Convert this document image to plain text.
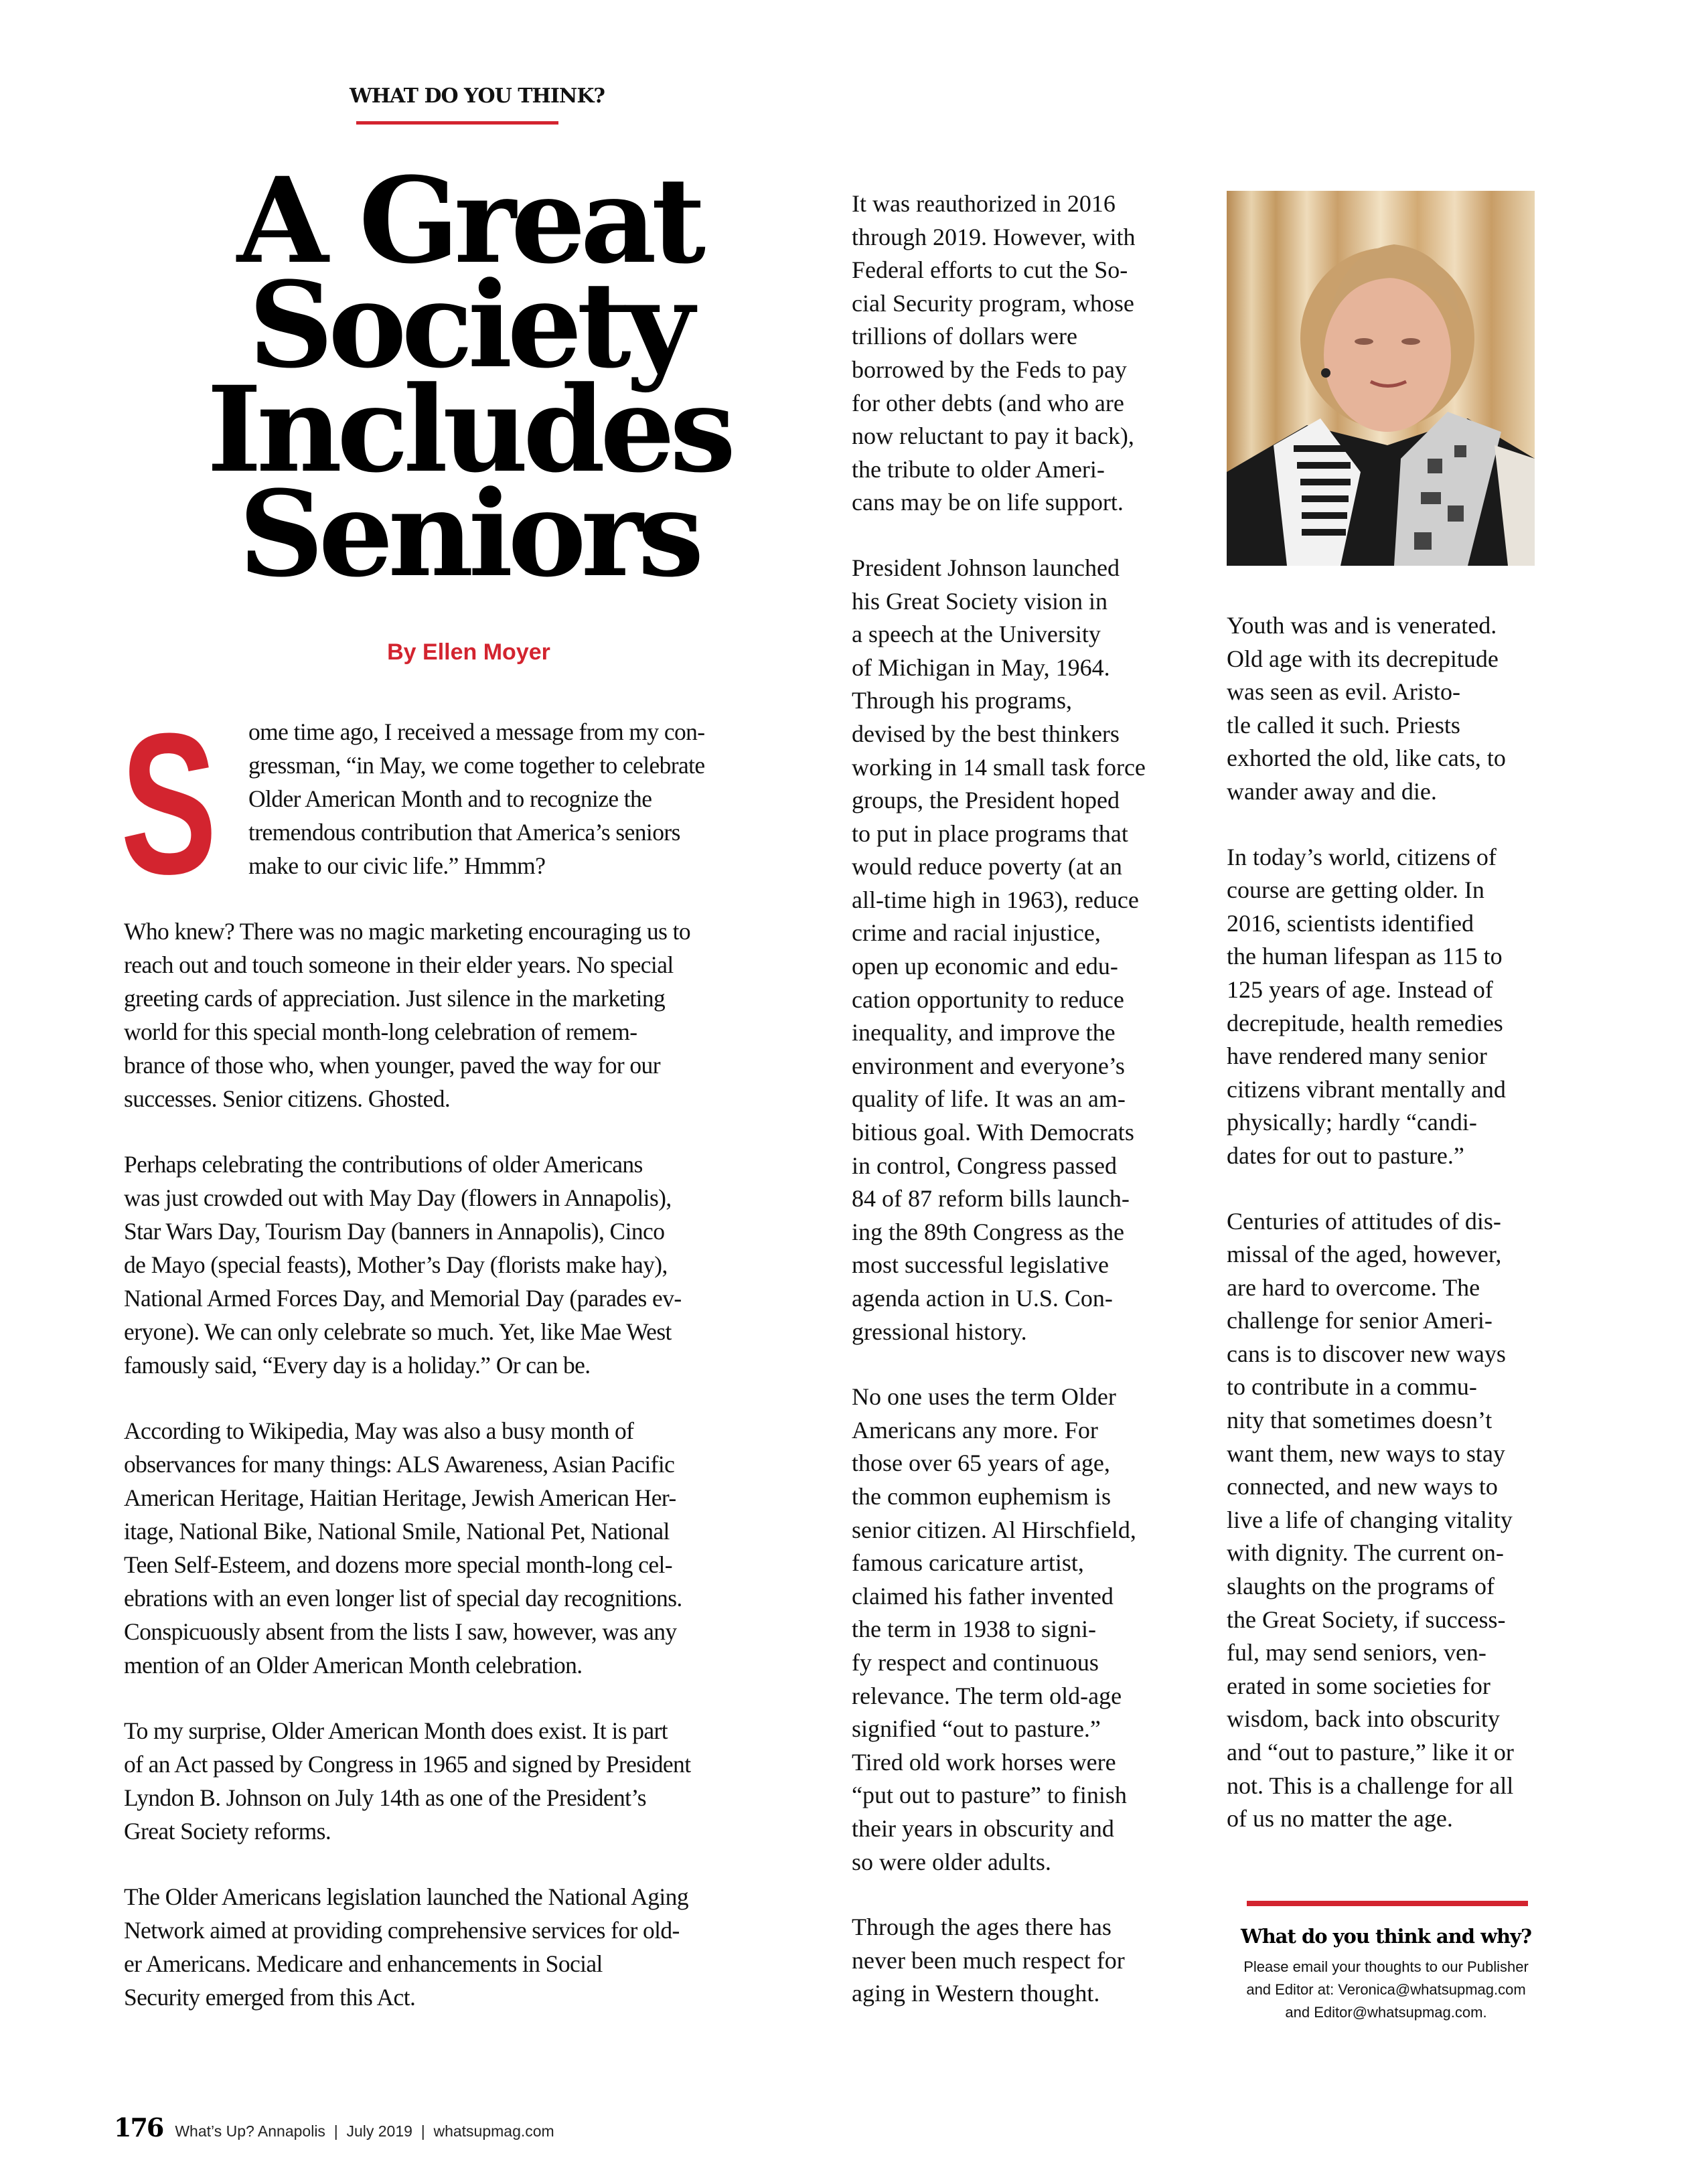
WHAT DO YOU THINK?
A Great
Society
Includes
Seniors
By Ellen Moyer
S ome time ago, I received a message from my con-
gressman, “in May, we come together to celebrate
Older American Month and to recognize the
tremendous contribution that America’s seniors
make to our civic life.” Hmmm?

Who knew? There was no magic marketing encouraging us to
reach out and touch someone in their elder years. No special
greeting cards of appreciation. Just silence in the marketing
world for this special month-long celebration of remem-
brance of those who, when younger, paved the way for our
successes. Senior citizens. Ghosted.

Perhaps celebrating the contributions of older Americans
was just crowded out with May Day (flowers in Annapolis),
Star Wars Day, Tourism Day (banners in Annapolis), Cinco
de Mayo (special feasts), Mother’s Day (florists make hay),
National Armed Forces Day, and Memorial Day (parades ev-
eryone). We can only celebrate so much. Yet, like Mae West
famously said, “Every day is a holiday.” Or can be.

According to Wikipedia, May was also a busy month of
observances for many things: ALS Awareness, Asian Pacific
American Heritage, Haitian Heritage, Jewish American Her-
itage, National Bike, National Smile, National Pet, National
Teen Self-Esteem, and dozens more special month-long cel-
ebrations with an even longer list of special day recognitions.
Conspicuously absent from the lists I saw, however, was any
mention of an Older American Month celebration.

To my surprise, Older American Month does exist. It is part
of an Act passed by Congress in 1965 and signed by President
Lyndon B. Johnson on July 14th as one of the President’s
Great Society reforms.

The Older Americans legislation launched the National Aging
Network aimed at providing comprehensive services for old-
er Americans. Medicare and enhancements in Social
Security emerged from this Act.

It was reauthorized in 2016
through 2019. However, with
Federal efforts to cut the So-
cial Security program, whose
trillions of dollars were
borrowed by the Feds to pay
for other debts (and who are
now reluctant to pay it back),
the tribute to older Ameri-
cans may be on life support.

President Johnson launched
his Great Society vision in
a speech at the University
of Michigan in May, 1964.
Through his programs,
devised by the best thinkers
working in 14 small task force
groups, the President hoped
to put in place programs that
would reduce poverty (at an
all-time high in 1963), reduce
crime and racial injustice,
open up economic and edu-
cation opportunity to reduce
inequality, and improve the
environment and everyone’s
quality of life. It was an am-
bitious goal. With Democrats
in control, Congress passed
84 of 87 reform bills launch-
ing the 89th Congress as the
most successful legislative
agenda action in U.S. Con-
gressional history.

No one uses the term Older
Americans any more. For
those over 65 years of age,
the common euphemism is
senior citizen. Al Hirschfield,
famous caricature artist,
claimed his father invented
the term in 1938 to signi-
fy respect and continuous
relevance. The term old-age
signified “out to pasture.”
Tired old work horses were
“put out to pasture” to finish
their years in obscurity and
so were older adults.

Through the ages there has
never been much respect for
aging in Western thought.

Youth was and is venerated.
Old age with its decrepitude
was seen as evil. Aristo-
tle called it such. Priests
exhorted the old, like cats, to
wander away and die.

In today’s world, citizens of
course are getting older. In
2016, scientists identified
the human lifespan as 115 to
125 years of age. Instead of
decrepitude, health remedies
have rendered many senior
citizens vibrant mentally and
physically; hardly “candi-
dates for out to pasture.”

Centuries of attitudes of dis-
missal of the aged, however,
are hard to overcome. The
challenge for senior Ameri-
cans is to discover new ways
to contribute in a commu-
nity that sometimes doesn’t
want them, new ways to stay
connected, and new ways to
live a life of changing vitality
with dignity. The current on-
slaughts on the programs of
the Great Society, if success-
ful, may send seniors, ven-
erated in some societies for
wisdom, back into obscurity
and “out to pasture,” like it or
not. This is a challenge for all
of us no matter the age.

What do you think and why?
Please email your thoughts to our Publisher
and Editor at: Veronica@whatsupmag.com
and Editor@whatsupmag.com.
176 What’s Up? Annapolis  |  July 2019  |  whatsupmag.com
